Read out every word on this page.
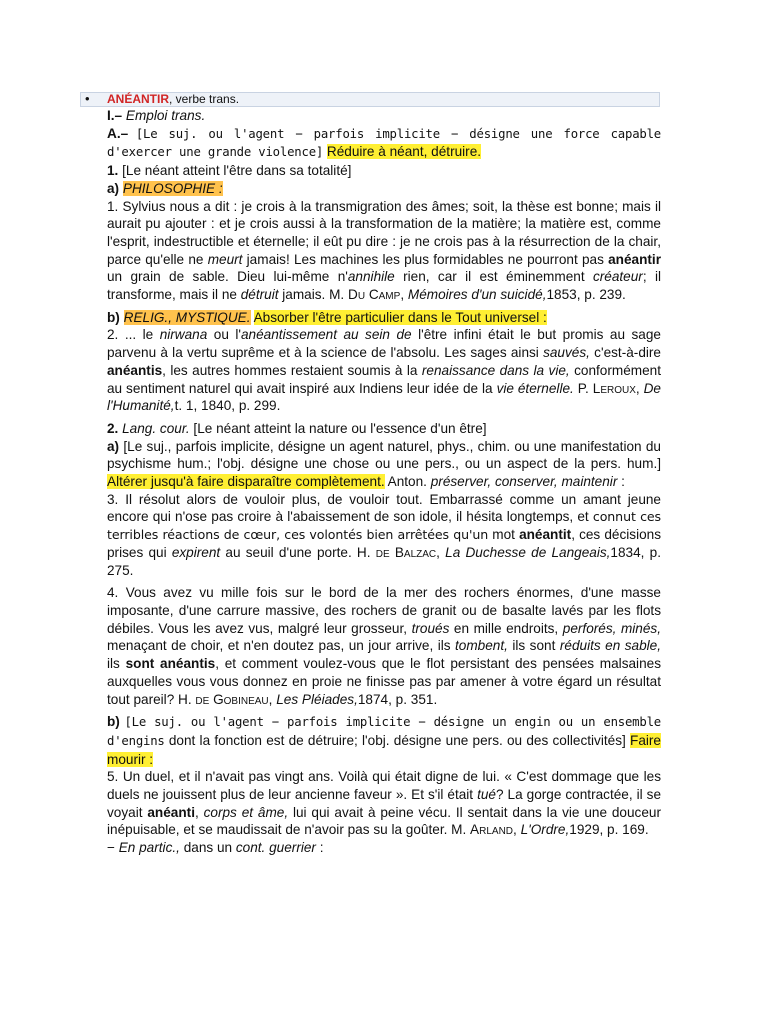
• ANÉANTIR, verbe trans.

I.– Emploi trans.

A.– [Le suj. ou l'agent − parfois implicite − désigne une force capable d'exercer une grande violence] Réduire à néant, détruire.

1. [Le néant atteint l'être dans sa totalité]

a) PHILOSOPHIE :

1. Sylvius nous a dit : je crois à la transmigration des âmes; soit, la thèse est bonne; mais il aurait pu ajouter : et je crois aussi à la transformation de la matière; la matière est, comme l'esprit, indestructible et éternelle; il eût pu dire : je ne crois pas à la résurrection de la chair, parce qu'elle ne meurt jamais! Les machines les plus formidables ne pourront pas anéantir un grain de sable. Dieu lui-même n'annihile rien, car il est éminemment créateur; il transforme, mais il ne détruit jamais. M. Du Camp, Mémoires d'un suicidé,1853, p. 239.

b) RELIG., MYSTIQUE. Absorber l'être particulier dans le Tout universel :

2. ... le nirwana ou l'anéantissement au sein de l'être infini était le but promis au sage parvenu à la vertu suprême et à la science de l'absolu. Les sages ainsi sauvés, c'est-à-dire anéantis, les autres hommes restaient soumis à la renaissance dans la vie, conformément au sentiment naturel qui avait inspiré aux Indiens leur idée de la vie éternelle. P. Leroux, De l'Humanité,t. 1, 1840, p. 299.

2. Lang. cour. [Le néant atteint la nature ou l'essence d'un être]

a) [Le suj., parfois implicite, désigne un agent naturel, phys., chim. ou une manifestation du psychisme hum.; l'obj. désigne une chose ou une pers., ou un aspect de la pers. hum.] Altérer jusqu'à faire disparaître complètement. Anton. préserver, conserver, maintenir :

3. Il résolut alors de vouloir plus, de vouloir tout. Embarrassé comme un amant jeune encore qui n'ose pas croire à l'abaissement de son idole, il hésita longtemps, et connut ces terribles réactions de cœur, ces volontés bien arrêtées qu'un mot anéantit, ces décisions prises qui expirent au seuil d'une porte. H. de Balzac, La Duchesse de Langeais,1834, p. 275.

4. Vous avez vu mille fois sur le bord de la mer des rochers énormes, d'une masse imposante, d'une carrure massive, des rochers de granit ou de basalte lavés par les flots débiles. Vous les avez vus, malgré leur grosseur, troués en mille endroits, perforés, minés, menaçant de choir, et n'en doutez pas, un jour arrive, ils tombent, ils sont réduits en sable, ils sont anéantis, et comment voulez-vous que le flot persistant des pensées malsaines auxquelles vous vous donnez en proie ne finisse pas par amener à votre égard un résultat tout pareil? H. de Gobineau, Les Pléiades,1874, p. 351.

b) [Le suj. ou l'agent − parfois implicite − désigne un engin ou un ensemble d'engins dont la fonction est de détruire; l'obj. désigne une pers. ou des collectivités] Faire mourir :

5. Un duel, et il n'avait pas vingt ans. Voilà qui était digne de lui. « C'est dommage que les duels ne jouissent plus de leur ancienne faveur ». Et s'il était tué? La gorge contractée, il se voyait anéanti, corps et âme, lui qui avait à peine vécu. Il sentait dans la vie une douceur inépuisable, et se maudissait de n'avoir pas su la goûter. M. Arland, L'Ordre,1929, p. 169.

− En partic., dans un cont. guerrier :
